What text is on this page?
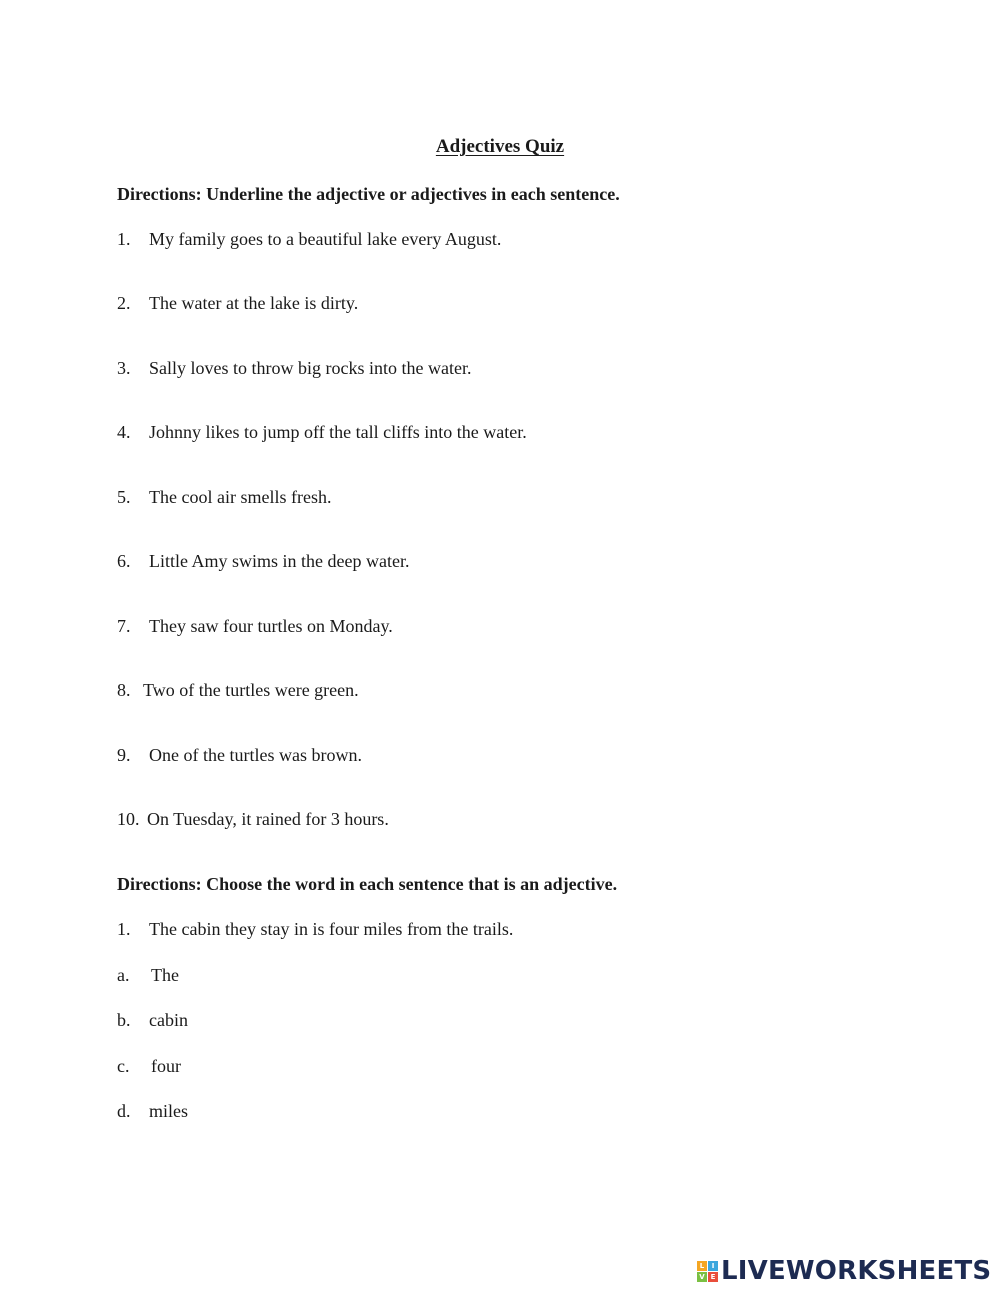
Adjectives Quiz
Directions: Underline the adjective or adjectives in each sentence.
1. My family goes to a beautiful lake every August.
2. The water at the lake is dirty.
3. Sally loves to throw big rocks into the water.
4. Johnny likes to jump off the tall cliffs into the water.
5. The cool air smells fresh.
6. Little Amy swims in the deep water.
7. They saw four turtles on Monday.
8. Two of the turtles were green.
9. One of the turtles was brown.
10. On Tuesday, it rained for 3 hours.
Directions: Choose the word in each sentence that is an adjective.
1. The cabin they stay in is four miles from the trails.
a. The
b. cabin
c. four
d. miles
L	I
V E LIVEWORKSHEETS
